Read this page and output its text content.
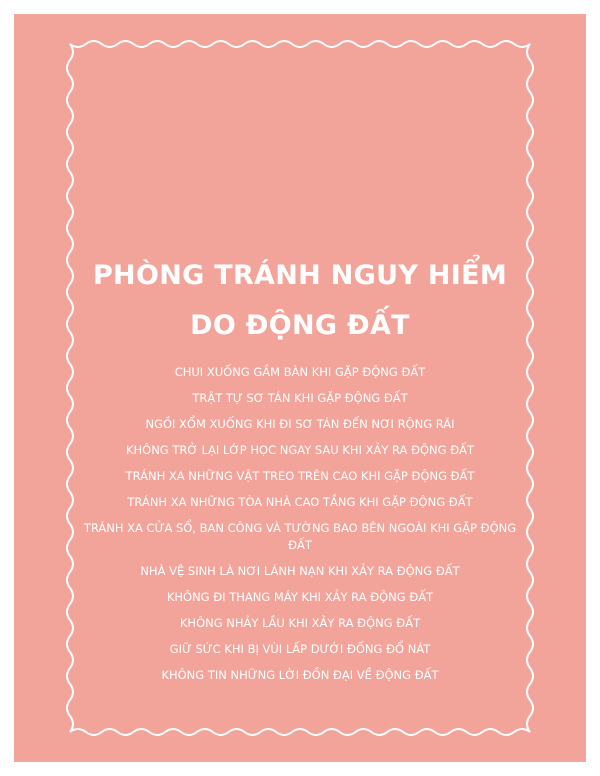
PHÒNG TRÁNH NGUY HIỂM
DO ĐỘNG ĐẤT
CHUI XUỐNG GẦM BÀN KHI GẶP ĐỘNG ĐẤT
TRẬT TỰ SƠ TÁN KHI GẶP ĐỘNG ĐẤT
NGỒI XỔM XUỐNG KHI ĐI SƠ TÁN ĐẾN NƠI RỘNG RÃI
KHÔNG TRỞ LẠI LỚP HỌC NGAY SAU KHI XẢY RA ĐỘNG ĐẤT
TRÁNH XA NHỮNG VẬT TREO TRÊN CAO KHI GẶP ĐỘNG ĐẤT
TRÁNH XA NHỮNG TÒA NHÀ CAO TẦNG KHI GẶP ĐỘNG ĐẤT
TRÁNH XA CỬA SỔ, BAN CÔNG VÀ TƯỜNG BAO BÊN NGOÀI KHI GẶP ĐỘNG ĐẤT
NHÀ VỆ SINH LÀ NƠI LÁNH NẠN KHI XẢY RA ĐỘNG ĐẤT
KHÔNG ĐI THANG MÁY KHI XẢY RA ĐỘNG ĐẤT
KHÔNG NHẢY LẦU KHI XẢY RA ĐỘNG ĐẤT
GIỮ SỨC KHI BỊ VÙI LẤP DƯỚI ĐỐNG ĐỔ NÁT
KHÔNG TIN NHỮNG LỜI ĐỒN ĐẠI VỀ ĐỘNG ĐẤT
